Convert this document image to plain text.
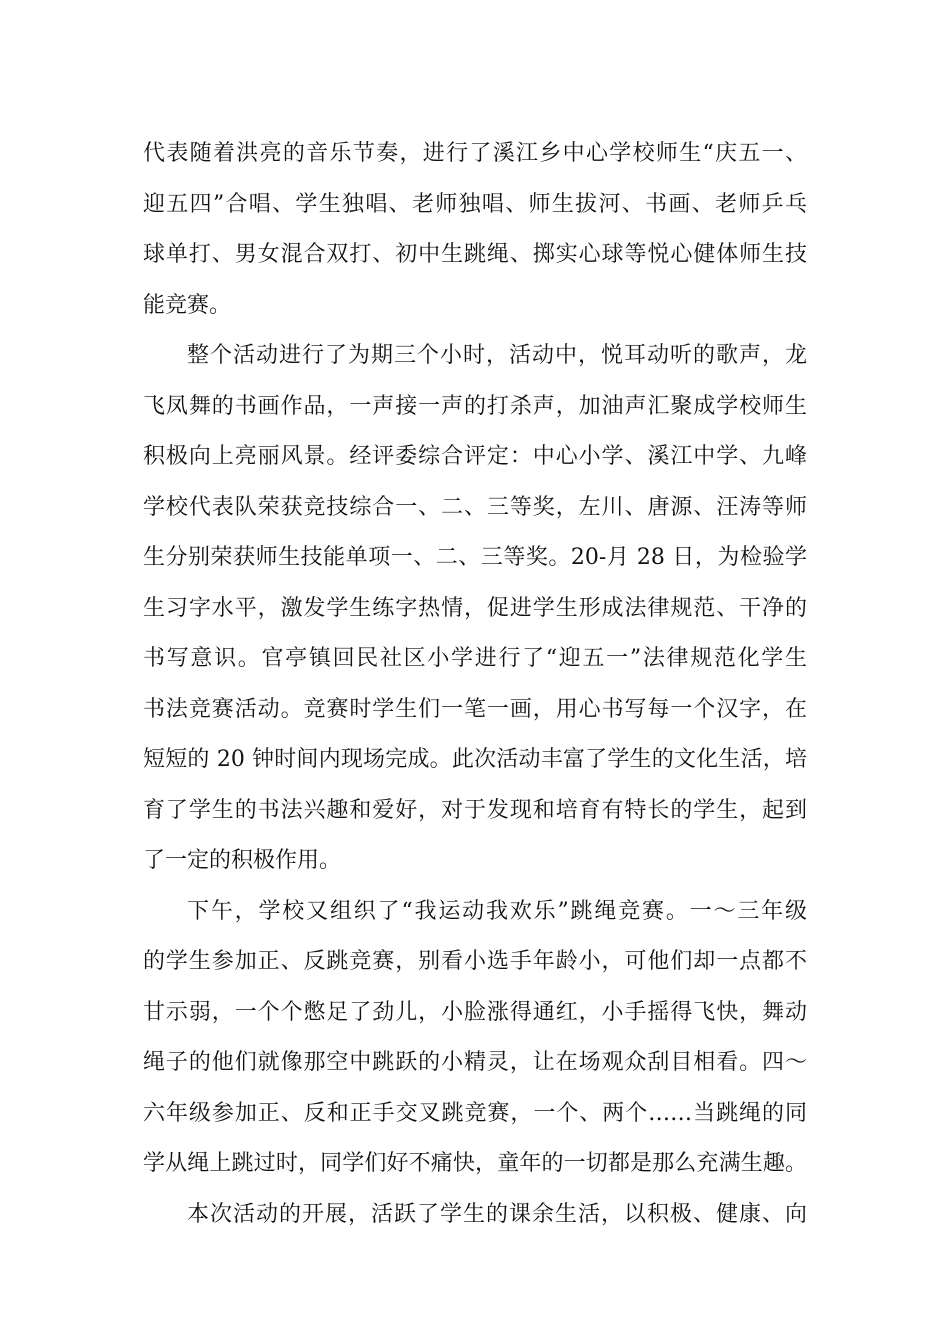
代表随着洪亮的音乐节奏，进行了溪江乡中心学校师生“庆五一、
迎五四”合唱、学生独唱、老师独唱、师生拔河、书画、老师乒乓
球单打、男女混合双打、初中生跳绳、掷实心球等悦心健体师生技
能竞赛。
整个活动进行了为期三个小时，活动中，悦耳动听的歌声，龙
飞凤舞的书画作品，一声接一声的打杀声，加油声汇聚成学校师生
积极向上亮丽风景。经评委综合评定：中心小学、溪江中学、九峰
学校代表队荣获竞技综合一、二、三等奖，左川、唐源、汪涛等师
生分别荣获师生技能单项一、二、三等奖。20-月 28 日，为检验学
生习字水平，激发学生练字热情，促进学生形成法律规范、干净的
书写意识。官亭镇回民社区小学进行了“迎五一”法律规范化学生
书法竞赛活动。竞赛时学生们一笔一画，用心书写每一个汉字，在
短短的 20 钟时间内现场完成。此次活动丰富了学生的文化生活，培
育了学生的书法兴趣和爱好，对于发现和培育有特长的学生，起到
了一定的积极作用。
下午，学校又组织了“我运动我欢乐”跳绳竞赛。一～三年级
的学生参加正、反跳竞赛，别看小选手年龄小，可他们却一点都不
甘示弱，一个个憋足了劲儿，小脸涨得通红，小手摇得飞快，舞动
绳子的他们就像那空中跳跃的小精灵，让在场观众刮目相看。四～
六年级参加正、反和正手交叉跳竞赛，一个、两个……当跳绳的同
学从绳上跳过时，同学们好不痛快，童年的一切都是那么充满生趣。
本次活动的开展，活跃了学生的课余生活，以积极、健康、向
